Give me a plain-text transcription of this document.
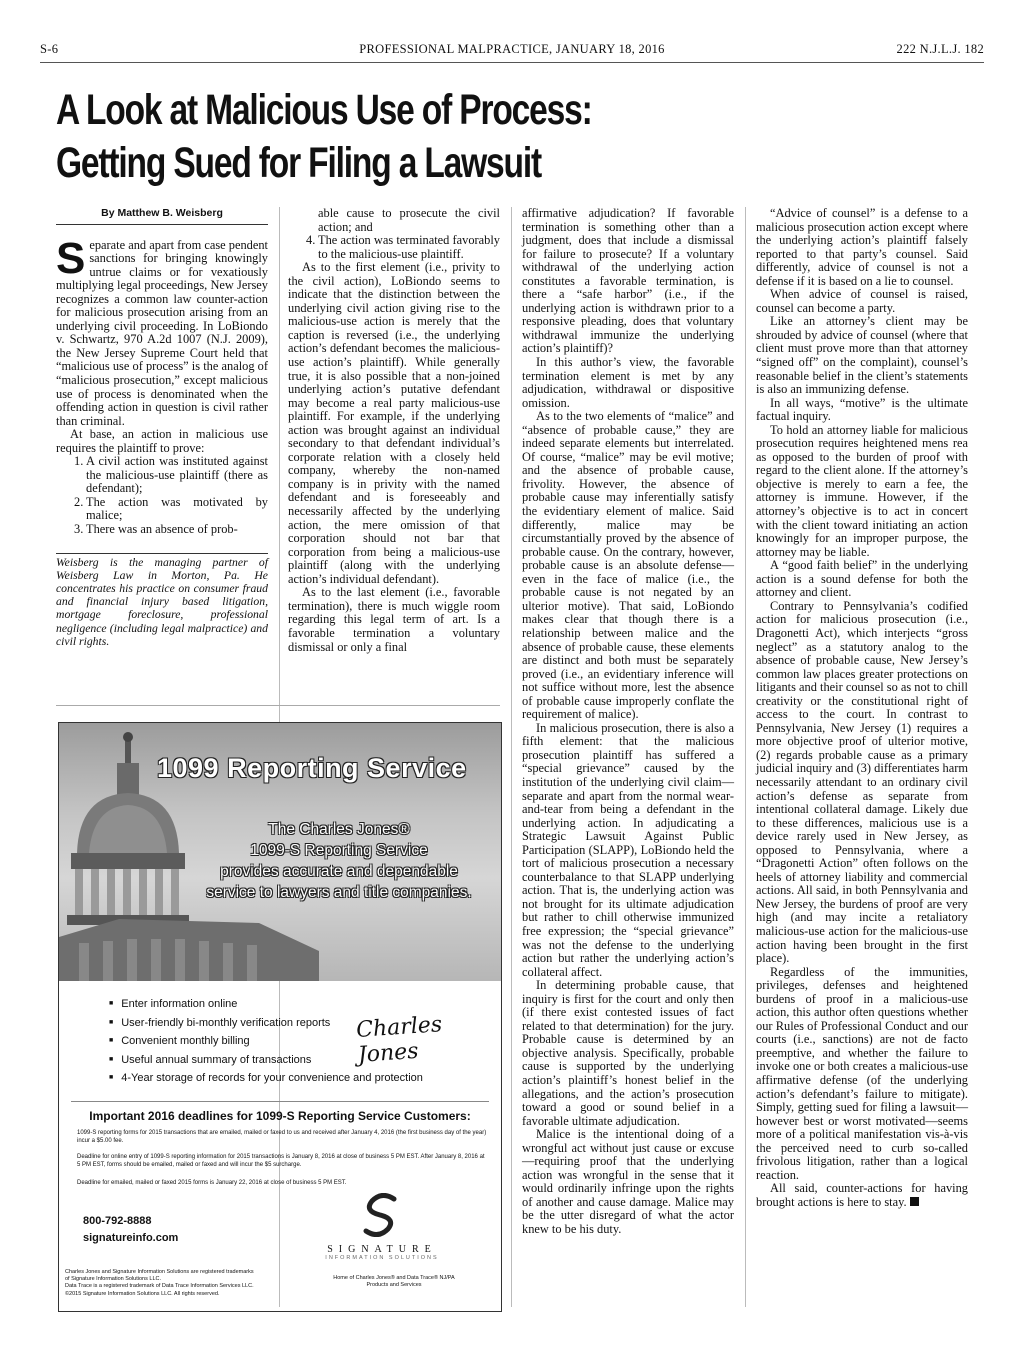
PROFESSIONAL MALPRACTICE, JANUARY 18, 2016
S-6	222 N.J.L.J. 182
A Look at Malicious Use of Process:
Getting Sued for Filing a Lawsuit
By Matthew B. Weisberg

Separate and apart from case pendent sanctions for bringing knowingly untrue claims or for vexatiously multiplying legal proceedings, New Jersey recognizes a common law counter-action for malicious prosecution arising from an underlying civil proceeding. In LoBiondo v. Schwartz, 970 A.2d 1007 (N.J. 2009), the New Jersey Supreme Court held that “malicious use of process” is the analog of “malicious prosecution,” except malicious use of process is denominated when the offending action in question is civil rather than criminal.

At base, an action in malicious use requires the plaintiff to prove:

1. A civil action was instituted against the malicious-use plaintiff (there as defendant);
2. The action was motivated by malice;
3. There was an absence of prob-
Weisberg is the managing partner of Weisberg Law in Morton, Pa. He concentrates his practice on consumer fraud and financial injury based litigation, mortgage foreclosure, professional negligence (including legal malpractice) and civil rights.
able cause to prosecute the civil action; and
4. The action was terminated favorably to the malicious-use plaintiff.

As to the first element (i.e., privity to the civil action), LoBiondo seems to indicate that the distinction between the underlying civil action giving rise to the malicious-use action is merely that the caption is reversed (i.e., the underlying action’s defendant becomes the malicious-use action’s plaintiff). While generally true, it is also possible that a non-joined underlying action’s putative defendant may become a real party malicious-use plaintiff. For example, if the underlying action was brought against an individual secondary to that defendant individual’s corporate relation with a closely held company, whereby the non-named company is in privity with the named defendant and is foreseeably and necessarily affected by the underlying action, the mere omission of that corporation should not bar that corporation from being a malicious-use plaintiff (along with the underlying action’s individual defendant).

As to the last element (i.e., favorable termination), there is much wiggle room regarding this legal term of art. Is a favorable termination a voluntary dismissal or only a final

affirmative adjudication? If favorable termination is something other than a judgment, does that include a dismissal for failure to prosecute? If a voluntary withdrawal of the underlying action constitutes a favorable termination, is there a “safe harbor” (i.e., if the underlying action is withdrawn prior to a responsive pleading, does that voluntary withdrawal immunize the underlying action’s plaintiff)?

In this author’s view, the favorable termination element is met by any adjudication, withdrawal or dispositive omission.

As to the two elements of “malice” and “absence of probable cause,” they are indeed separate elements but interrelated. Of course, “malice” may be evil motive; and the absence of probable cause, frivolity. However, the absence of probable cause may inferentially satisfy the evidentiary element of malice. Said differently, malice may be circumstantially proved by the absence of probable cause. On the contrary, however, probable cause is an absolute defense—even in the face of malice (i.e., the probable cause is not negated by an ulterior motive). That said, LoBiondo makes clear that though there is a relationship between malice and the absence of probable cause, these elements are distinct and both must be separately proved (i.e., an evidentiary inference will not suffice without more, lest the absence of probable cause improperly conflate the requirement of malice).

In malicious prosecution, there is also a fifth element: that the malicious prosecution plaintiff has suffered a “special grievance” caused by the institution of the underlying civil claim—separate and apart from the normal wear-and-tear from being a defendant in the underlying action. In adjudicating a Strategic Lawsuit Against Public Participation (SLAPP), LoBiondo held the tort of malicious prosecution a necessary counterbalance to that SLAPP underlying action. That is, the underlying action was not brought for its ultimate adjudication but rather to chill otherwise immunized free expression; the “special grievance” was not the defense to the underlying action but rather the underlying action’s collateral affect.

In determining probable cause, that inquiry is first for the court and only then (if there exist contested issues of fact related to that determination) for the jury. Probable cause is determined by an objective analysis. Specifically, probable cause is supported by the underlying action’s plaintiff’s honest belief in the allegations, and the action’s prosecution toward a good or sound belief in a favorable ultimate adjudication.

Malice is the intentional doing of a wrongful act without just cause or excuse—requiring proof that the underlying action was wrongful in the sense that it would ordinarily infringe upon the rights of another and cause damage. Malice may be the utter disregard of what the actor knew to be his duty.

“Advice of counsel” is a defense to a malicious prosecution action except where the underlying action’s plaintiff falsely reported to that party’s counsel. Said differently, advice of counsel is not a defense if it is based on a lie to counsel.

When advice of counsel is raised, counsel can become a party.

Like an attorney’s client may be shrouded by advice of counsel (where that client must prove more than that attorney “signed off” on the complaint), counsel’s reasonable belief in the client’s statements is also an immunizing defense.

In all ways, “motive” is the ultimate factual inquiry.

To hold an attorney liable for malicious prosecution requires heightened mens rea as opposed to the burden of proof with regard to the client alone. If the attorney’s objective is merely to earn a fee, the attorney is immune. However, if the attorney’s objective is to act in concert with the client toward initiating an action knowingly for an improper purpose, the attorney may be liable.

A “good faith belief” in the underlying action is a sound defense for both the attorney and client.

Contrary to Pennsylvania’s codified action for malicious prosecution (i.e., Dragonetti Act), which interjects “gross neglect” as a statutory analog to the absence of probable cause, New Jersey’s common law places greater protections on litigants and their counsel so as not to chill creativity or the constitutional right of access to the court. In contrast to Pennsylvania, New Jersey (1) requires a more objective proof of ulterior motive, (2) regards probable cause as a primary judicial inquiry and (3) differentiates harm necessarily attendant to an ordinary civil action’s defense as separate from intentional collateral damage. Likely due to these differences, malicious use is a device rarely used in New Jersey, as opposed to Pennsylvania, where a “Dragonetti Action” often follows on the heels of attorney liability and commercial actions. All said, in both Pennsylvania and New Jersey, the burdens of proof are very high (and may incite a retaliatory malicious-use action for the malicious-use action having been brought in the first place).

Regardless of the immunities, privileges, defenses and heightened burdens of proof in a malicious-use action, this author often questions whether our Rules of Professional Conduct and our courts (i.e., sanctions) are not de facto preemptive, and whether the failure to invoke one or both creates a malicious-use affirmative defense (of the underlying action’s defendant’s failure to mitigate). Simply, getting sued for filing a lawsuit—however best or worst motivated—seems more of a political manifestation vis-à-vis the perceived need to curb so-called frivolous litigation, rather than a logical reaction.

All said, counter-actions for having brought actions is here to stay.

1099 Reporting Service
The Charles Jones®
1099-S Reporting Service
provides accurate and dependable
service to lawyers and title companies.
■ Enter information online
■ User-friendly bi-monthly verification reports
■ Convenient monthly billing
■ Useful annual summary of transactions
■ 4-Year storage of records for your convenience and protection
Charles Jones
Important 2016 deadlines for 1099-S Reporting Service Customers:
1099-S reporting forms for 2015 transactions that are emailed, mailed or faxed to us and received after January 4, 2016 (the first business day of the year) incur a $5.00 fee.
Deadline for online entry of 1099-S reporting information for 2015 transactions is January 8, 2016 at close of business 5 PM EST. After January 8, 2016 at 5 PM EST, forms should be emailed, mailed or faxed and will incur the $5 surcharge.
Deadline for emailed, mailed or faxed 2015 forms is January 22, 2016 at close of business 5 PM EST.
800-792-8888
signatureinfo.com
SIGNATURE
INFORMATION SOLUTIONS
Charles Jones and Signature Information Solutions are registered trademarks
of Signature Information Solutions LLC.
Data Trace is a registered trademark of Data Trace Information Services LLC.
©2015 Signature Information Solutions LLC. All rights reserved.
Home of Charles Jones® and Data Trace® NJ/PA
Products and Services
